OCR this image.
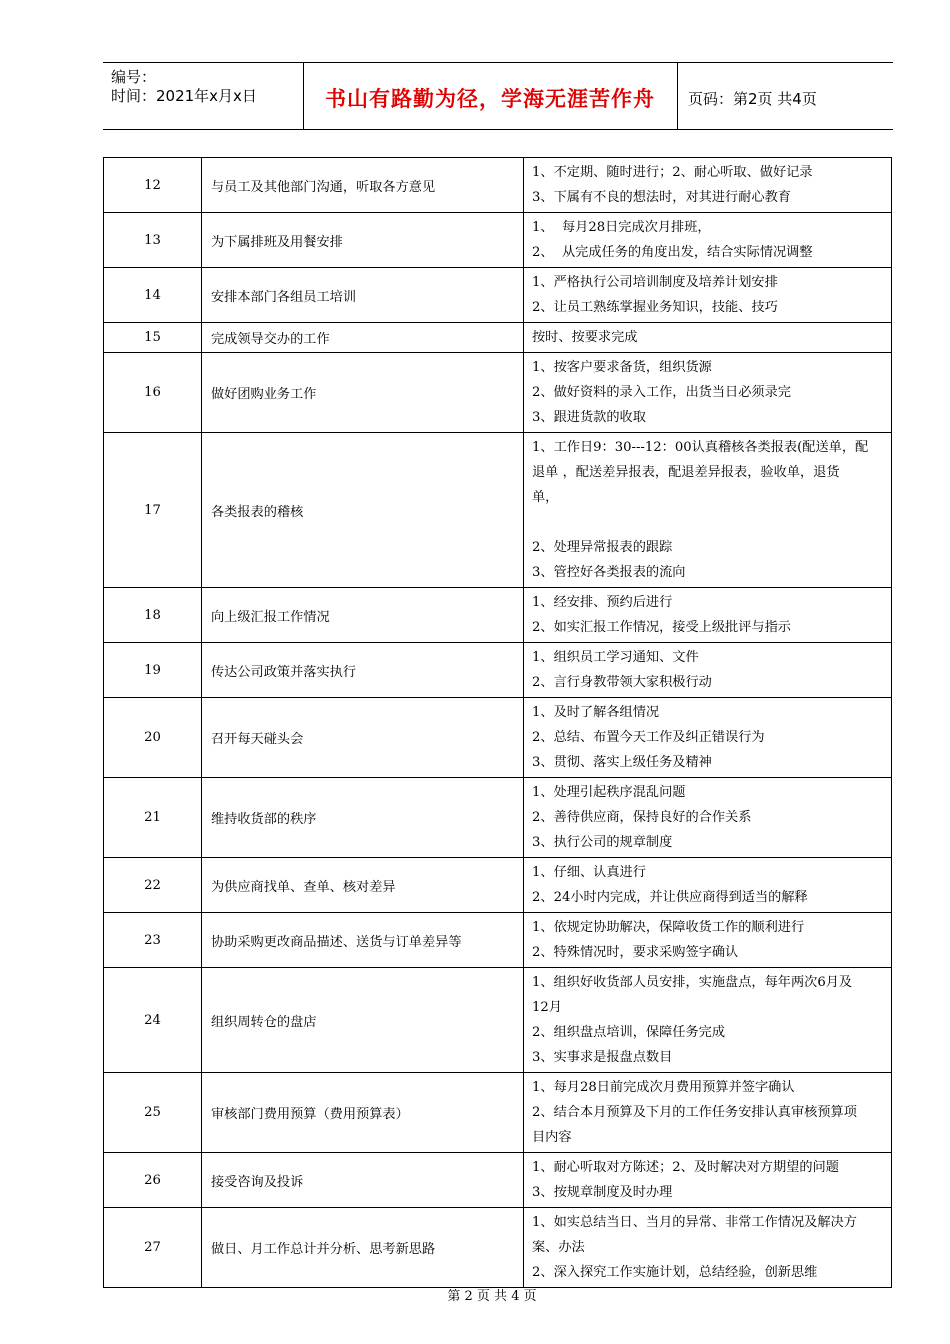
编号：
时间：2021年x月x日	书山有路勤为径，学海无涯苦作舟	页码：第2页 共4页
12	与员工及其他部门沟通，听取各方意见	1、不定期、随时进行；2、耐心听取、做好记录
3、下属有不良的想法时，对其进行耐心教育

13	为下属排班及用餐安排	1、  每月28日完成次月排班，
2、  从完成任务的角度出发，结合实际情况调整

14	安排本部门各组员工培训	1、严格执行公司培训制度及培养计划安排
2、让员工熟练掌握业务知识，技能、技巧

15	完成领导交办的工作	按时、按要求完成

16	做好团购业务工作	1、按客户要求备货，组织货源
2、做好资料的录入工作，出货当日必须录完
3、跟进货款的收取

17	各类报表的稽核	1、工作日9：30---12：00认真稽核各类报表(配送单，配
退单 ，配送差异报表，配退差异报表，验收单，退货
单，
2、处理异常报表的跟踪
3、管控好各类报表的流向

18	向上级汇报工作情况	1、经安排、预约后进行
2、如实汇报工作情况，接受上级批评与指示

19	传达公司政策并落实执行	1、组织员工学习通知、文件
2、言行身教带领大家积极行动

20	召开每天碰头会	1、及时了解各组情况
2、总结、布置今天工作及纠正错误行为
3、贯彻、落实上级任务及精神

21	维持收货部的秩序	1、处理引起秩序混乱问题
2、善待供应商，保持良好的合作关系
3、执行公司的规章制度

22	为供应商找单、查单、核对差异	1、仔细、认真进行
2、24小时内完成，并让供应商得到适当的解释

23	协助采购更改商品描述、送货与订单差异等	1、依规定协助解决，保障收货工作的顺利进行
2、特殊情况时，要求采购签字确认

24	组织周转仓的盘店	1、组织好收货部人员安排，实施盘点，每年两次6月及
12月
2、组织盘点培训，保障任务完成
3、实事求是报盘点数目

25	审核部门费用预算（费用预算表）	1、每月28日前完成次月费用预算并签字确认
2、结合本月预算及下月的工作任务安排认真审核预算项
目内容

26	接受咨询及投诉	1、耐心听取对方陈述；2、及时解决对方期望的问题
3、按规章制度及时办理

27	做日、月工作总计并分析、思考新思路	1、如实总结当日、当月的异常、非常工作情况及解决方
案、办法
2、深入探究工作实施计划，总结经验，创新思维
第 2 页 共 4 页
